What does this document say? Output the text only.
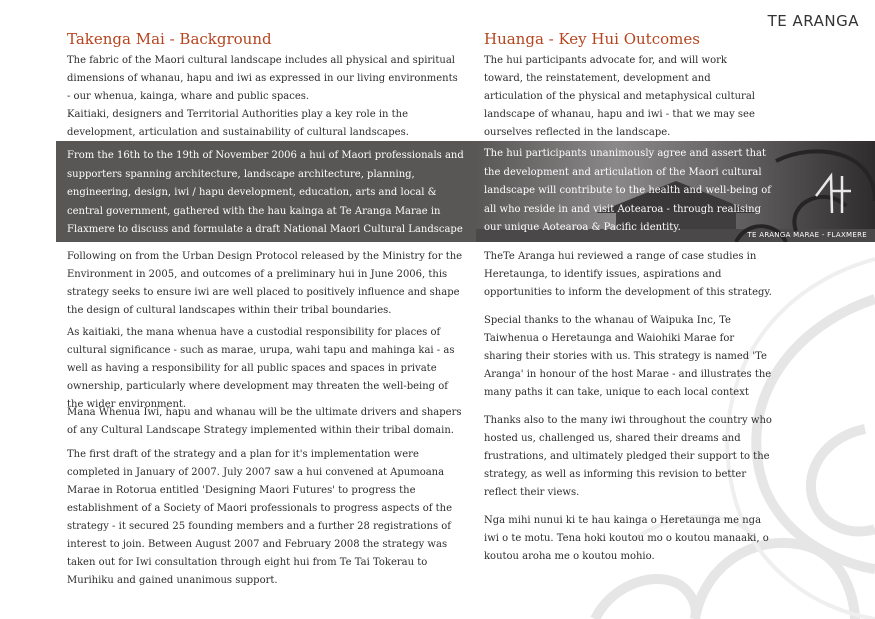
TE ARANGA
Takenga Mai - Background

The fabric of the Maori cultural landscape includes all physical and spiritual dimensions of whanau, hapu and iwi as expressed in our living environments - our whenua, kainga, whare and public spaces.

Kaitiaki, designers and Territorial Authorities play a key role in the development, articulation and sustainability of cultural landscapes.

Huanga - Key Hui Outcomes

The hui participants advocate for, and will work toward, the reinstatement, development and articulation of the physical and metaphysical cultural landscape of whanau, hapu and iwi - that we may see ourselves reflected in the landscape.

From the 16th to the 19th of November 2006 a hui of Maori professionals and supporters spanning architecture, landscape architecture, planning, engineering, design, iwi / hapu development, education, arts and local & central government, gathered with the hau kainga at Te Aranga Marae in Flaxmere to discuss and formulate a draft National Maori Cultural Landscape Strategy.

The hui participants unanimously agree and assert that the development and articulation of the Maori cultural landscape will contribute to the health and well-being of all who reside in and visit Aotearoa - through realising our unique Aotearoa & Pacific identity.

TE ARANGA MARAE - FLAXMERE

Following on from the Urban Design Protocol released by the Ministry for the Environment in 2005, and outcomes of a preliminary hui in June 2006, this strategy seeks to ensure iwi are well placed to positively influence and shape the design of cultural landscapes within their tribal boundaries.

As kaitiaki, the mana whenua have a custodial responsibility for places of cultural significance - such as marae, urupa, wahi tapu and mahinga kai - as well as having a responsibility for all public spaces and spaces in private ownership, particularly where development may threaten the well-being of the wider environment.

Mana Whenua Iwi, hapu and whanau will be the ultimate drivers and shapers of any Cultural Landscape Strategy implemented within their tribal domain.

The first draft of the strategy and a plan for it's implementation were completed in January of 2007. July 2007 saw a hui convened at Apumoana Marae in Rotorua entitled 'Designing Maori Futures' to progress the establishment of a Society of Maori professionals to progress aspects of the strategy - it secured 25 founding members and a further 28 registrations of interest to join. Between August 2007 and February 2008 the strategy was taken out for Iwi consultation through eight hui from Te Tai Tokerau to Murihiku and gained unanimous support.

TheTe Aranga hui reviewed a range of case studies in Heretaunga, to identify issues, aspirations and opportunities to inform the development of this strategy.

Special thanks to the whanau of Waipuka Inc, Te Taiwhenua o Heretaunga and Waiohiki Marae for sharing their stories with us. This strategy is named 'Te Aranga' in honour of the host Marae - and illustrates the many paths it can take, unique to each local context

Thanks also to the many iwi throughout the country who hosted us, challenged us, shared their dreams and frustrations, and ultimately pledged their support to the strategy, as well as informing this revision to better reflect their views.

Nga mihi nunui ki te hau kainga o Heretaunga me nga iwi o te motu. Tena hoki koutou mo o koutou manaaki, o koutou aroha me o koutou mohio.
